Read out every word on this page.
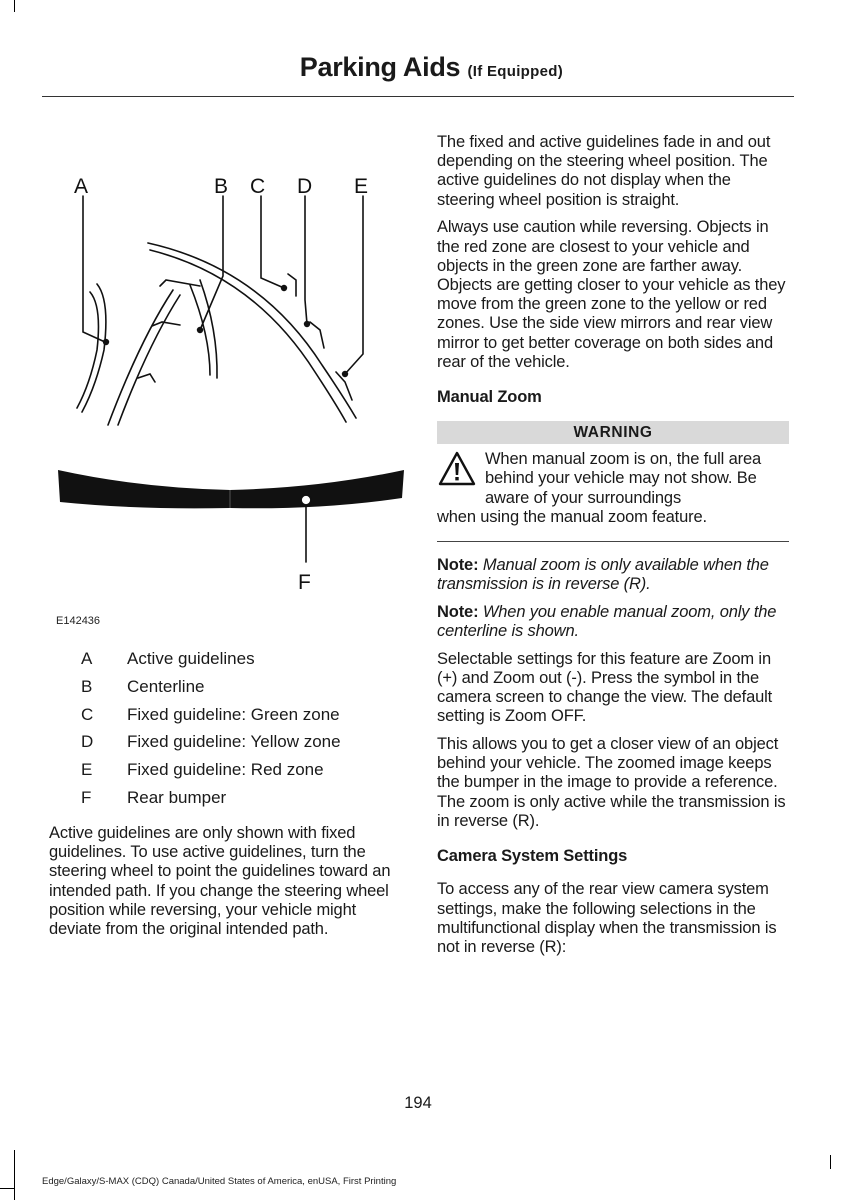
Parking Aids (If Equipped)
A	B C D E
F
E142436
A Active guidelines
B Centerline
C Fixed guideline: Green zone
D Fixed guideline: Yellow zone
E Fixed guideline: Red zone
F Rear bumper

Active guidelines are only shown with fixed guidelines. To use active guidelines, turn the steering wheel to point the guidelines toward an intended path. If you change the steering wheel position while reversing, your vehicle might deviate from the original intended path.

The fixed and active guidelines fade in and out depending on the steering wheel position. The active guidelines do not display when the steering wheel position is straight.

Always use caution while reversing. Objects in the red zone are closest to your vehicle and objects in the green zone are farther away. Objects are getting closer to your vehicle as they move from the green zone to the yellow or red zones. Use the side view mirrors and rear view mirror to get better coverage on both sides and rear of the vehicle.

Manual Zoom
WARNING
When manual zoom is on, the full area behind your vehicle may not show. Be aware of your surroundings
when using the manual zoom feature.

Note: Manual zoom is only available when the transmission is in reverse (R).

Note: When you enable manual zoom, only the centerline is shown.

Selectable settings for this feature are Zoom in (+) and Zoom out (-). Press the symbol in the camera screen to change the view. The default setting is Zoom OFF.

This allows you to get a closer view of an object behind your vehicle. The zoomed image keeps the bumper in the image to provide a reference. The zoom is only active while the transmission is in reverse (R).

Camera System Settings

To access any of the rear view camera system settings, make the following selections in the multifunctional display when the transmission is not in reverse (R):

194
Edge/Galaxy/S-MAX (CDQ) Canada/United States of America, enUSA, First Printing
